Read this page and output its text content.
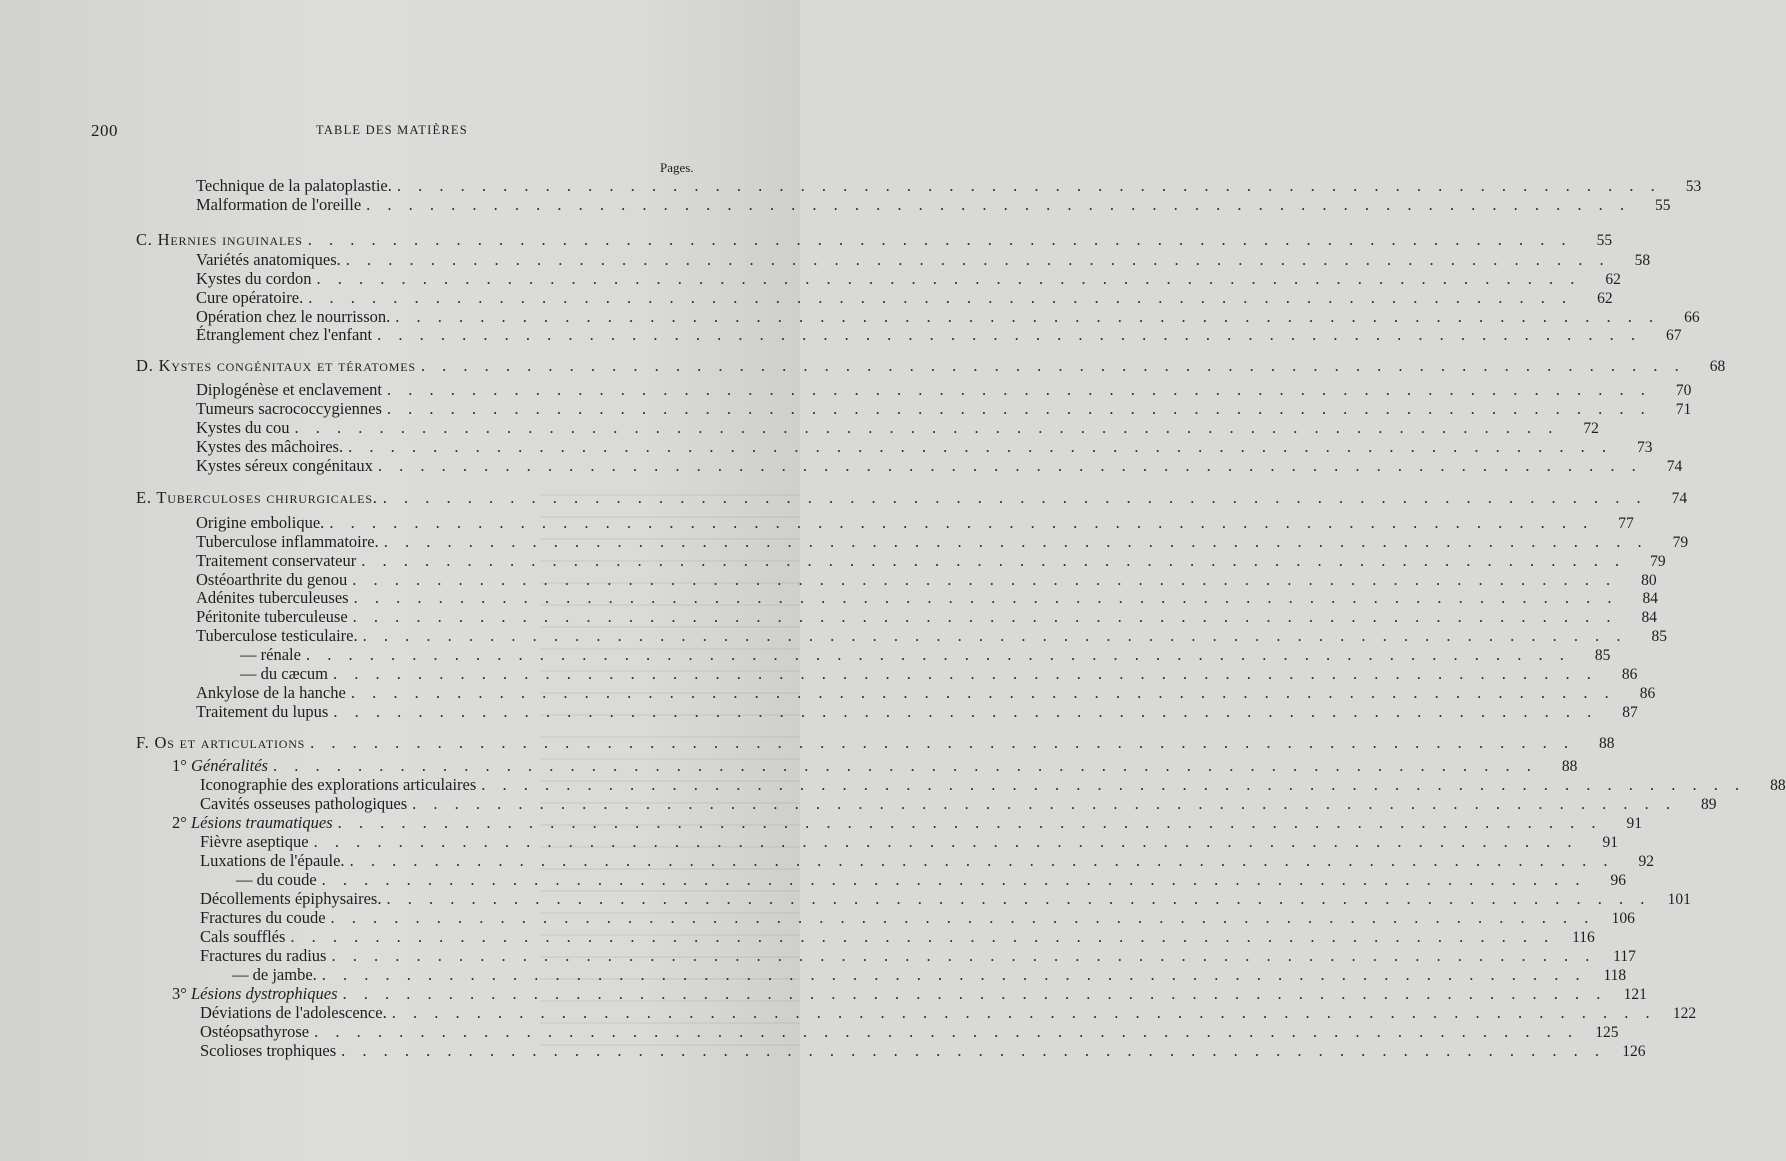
200	TABLE DES MATIÈRES
Pages.
Technique de la palatoplastie. . . . . . . . . . . . . . . . . . . . . . . . . . . . . . . . . . . . . . . . . . . . . . . . . . . . . . . . . . . . .	53
Malformation de l'oreille . . . . . . . . . . . . . . . . . . . . . . . . . . . . . . . . . . . . . . . . . . . . . . . . . . . . . . . . . . . .	55
C. Hernies inguinales . . . . . . . . . . . . . . . . . . . . . . . . . . . . . . . . . . . . . . . . . . . . . . . . . . . . . . . . . . . .	55
Variétés anatomiques. . . . . . . . . . . . . . . . . . . . . . . . . . . . . . . . . . . . . . . . . . . . . . . . . . . . . . . . . . . . .	58
Kystes du cordon . . . . . . . . . . . . . . . . . . . . . . . . . . . . . . . . . . . . . . . . . . . . . . . . . . . . . . . . . . . .	62
Cure opératoire. . . . . . . . . . . . . . . . . . . . . . . . . . . . . . . . . . . . . . . . . . . . . . . . . . . . . . . . . . . . .	62
Opération chez le nourrisson. . . . . . . . . . . . . . . . . . . . . . . . . . . . . . . . . . . . . . . . . . . . . . . . . . . . . . . . . . . . .	66
Étranglement chez l'enfant . . . . . . . . . . . . . . . . . . . . . . . . . . . . . . . . . . . . . . . . . . . . . . . . . . . . . . . . . . . .	67
D. Kystes congénitaux et tératomes . . . . . . . . . . . . . . . . . . . . . . . . . . . . . . . . . . . . . . . . . . . . . . . . . . . . . . . . . . . .	68
Diplogénèse et enclavement . . . . . . . . . . . . . . . . . . . . . . . . . . . . . . . . . . . . . . . . . . . . . . . . . . . . . . . . . . . .	70
Tumeurs sacrococcygiennes . . . . . . . . . . . . . . . . . . . . . . . . . . . . . . . . . . . . . . . . . . . . . . . . . . . . . . . . . . . .	71
Kystes du cou . . . . . . . . . . . . . . . . . . . . . . . . . . . . . . . . . . . . . . . . . . . . . . . . . . . . . . . . . . . .	72
Kystes des mâchoires. . . . . . . . . . . . . . . . . . . . . . . . . . . . . . . . . . . . . . . . . . . . . . . . . . . . . . . . . . . . .	73
Kystes séreux congénitaux . . . . . . . . . . . . . . . . . . . . . . . . . . . . . . . . . . . . . . . . . . . . . . . . . . . . . . . . . . . .	74
E. Tuberculoses chirurgicales. . . . . . . . . . . . . . . . . . . . . . . . . . . . . . . . . . . . . . . . . . . . . . . . . . . . . . . . . . . . .	74
Origine embolique. . . . . . . . . . . . . . . . . . . . . . . . . . . . . . . . . . . . . . . . . . . . . . . . . . . . . . . . . . . . .	77
Tuberculose inflammatoire. . . . . . . . . . . . . . . . . . . . . . . . . . . . . . . . . . . . . . . . . . . . . . . . . . . . . . . . . . . . .	79
Traitement conservateur . . . . . . . . . . . . . . . . . . . . . . . . . . . . . . . . . . . . . . . . . . . . . . . . . . . . . . . . . . . .	79
Ostéoarthrite du genou . . . . . . . . . . . . . . . . . . . . . . . . . . . . . . . . . . . . . . . . . . . . . . . . . . . . . . . . . . . .	80
Adénites tuberculeuses . . . . . . . . . . . . . . . . . . . . . . . . . . . . . . . . . . . . . . . . . . . . . . . . . . . . . . . . . . . .	84
Péritonite tuberculeuse . . . . . . . . . . . . . . . . . . . . . . . . . . . . . . . . . . . . . . . . . . . . . . . . . . . . . . . . . . . .	84
Tuberculose testiculaire. . . . . . . . . . . . . . . . . . . . . . . . . . . . . . . . . . . . . . . . . . . . . . . . . . . . . . . . . . . . .	85
— rénale . . . . . . . . . . . . . . . . . . . . . . . . . . . . . . . . . . . . . . . . . . . . . . . . . . . . . . . . . . . .	85
— du cæcum . . . . . . . . . . . . . . . . . . . . . . . . . . . . . . . . . . . . . . . . . . . . . . . . . . . . . . . . . . . .	86
Ankylose de la hanche . . . . . . . . . . . . . . . . . . . . . . . . . . . . . . . . . . . . . . . . . . . . . . . . . . . . . . . . . . . .	86
Traitement du lupus . . . . . . . . . . . . . . . . . . . . . . . . . . . . . . . . . . . . . . . . . . . . . . . . . . . . . . . . . . . .	87
F. Os et articulations . . . . . . . . . . . . . . . . . . . . . . . . . . . . . . . . . . . . . . . . . . . . . . . . . . . . . . . . . . . .	88
1° Généralités . . . . . . . . . . . . . . . . . . . . . . . . . . . . . . . . . . . . . . . . . . . . . . . . . . . . . . . . . . . .	88
Iconographie des explorations articulaires . . . . . . . . . . . . . . . . . . . . . . . . . . . . . . . . . . . . . . . . . . . . . . . . . . . . . . . . . . . .	88
Cavités osseuses pathologiques . . . . . . . . . . . . . . . . . . . . . . . . . . . . . . . . . . . . . . . . . . . . . . . . . . . . . . . . . . . .	89
2° Lésions traumatiques . . . . . . . . . . . . . . . . . . . . . . . . . . . . . . . . . . . . . . . . . . . . . . . . . . . . . . . . . . . .	91
Fièvre aseptique . . . . . . . . . . . . . . . . . . . . . . . . . . . . . . . . . . . . . . . . . . . . . . . . . . . . . . . . . . . .	91
Luxations de l'épaule. . . . . . . . . . . . . . . . . . . . . . . . . . . . . . . . . . . . . . . . . . . . . . . . . . . . . . . . . . . . .	92
— du coude . . . . . . . . . . . . . . . . . . . . . . . . . . . . . . . . . . . . . . . . . . . . . . . . . . . . . . . . . . . .	96
Décollements épiphysaires. . . . . . . . . . . . . . . . . . . . . . . . . . . . . . . . . . . . . . . . . . . . . . . . . . . . . . . . . . . . .	101
Fractures du coude . . . . . . . . . . . . . . . . . . . . . . . . . . . . . . . . . . . . . . . . . . . . . . . . . . . . . . . . . . . .	106
Cals soufflés . . . . . . . . . . . . . . . . . . . . . . . . . . . . . . . . . . . . . . . . . . . . . . . . . . . . . . . . . . . .	116
Fractures du radius . . . . . . . . . . . . . . . . . . . . . . . . . . . . . . . . . . . . . . . . . . . . . . . . . . . . . . . . . . . .	117
— de jambe. . . . . . . . . . . . . . . . . . . . . . . . . . . . . . . . . . . . . . . . . . . . . . . . . . . . . . . . . . . . .	118
3° Lésions dystrophiques . . . . . . . . . . . . . . . . . . . . . . . . . . . . . . . . . . . . . . . . . . . . . . . . . . . . . . . . . . . .	121
Déviations de l'adolescence. . . . . . . . . . . . . . . . . . . . . . . . . . . . . . . . . . . . . . . . . . . . . . . . . . . . . . . . . . . . .	122
Ostéopsathyrose . . . . . . . . . . . . . . . . . . . . . . . . . . . . . . . . . . . . . . . . . . . . . . . . . . . . . . . . . . . .	125
Scolioses trophiques . . . . . . . . . . . . . . . . . . . . . . . . . . . . . . . . . . . . . . . . . . . . . . . . . . . . . . . . . . . .	126
